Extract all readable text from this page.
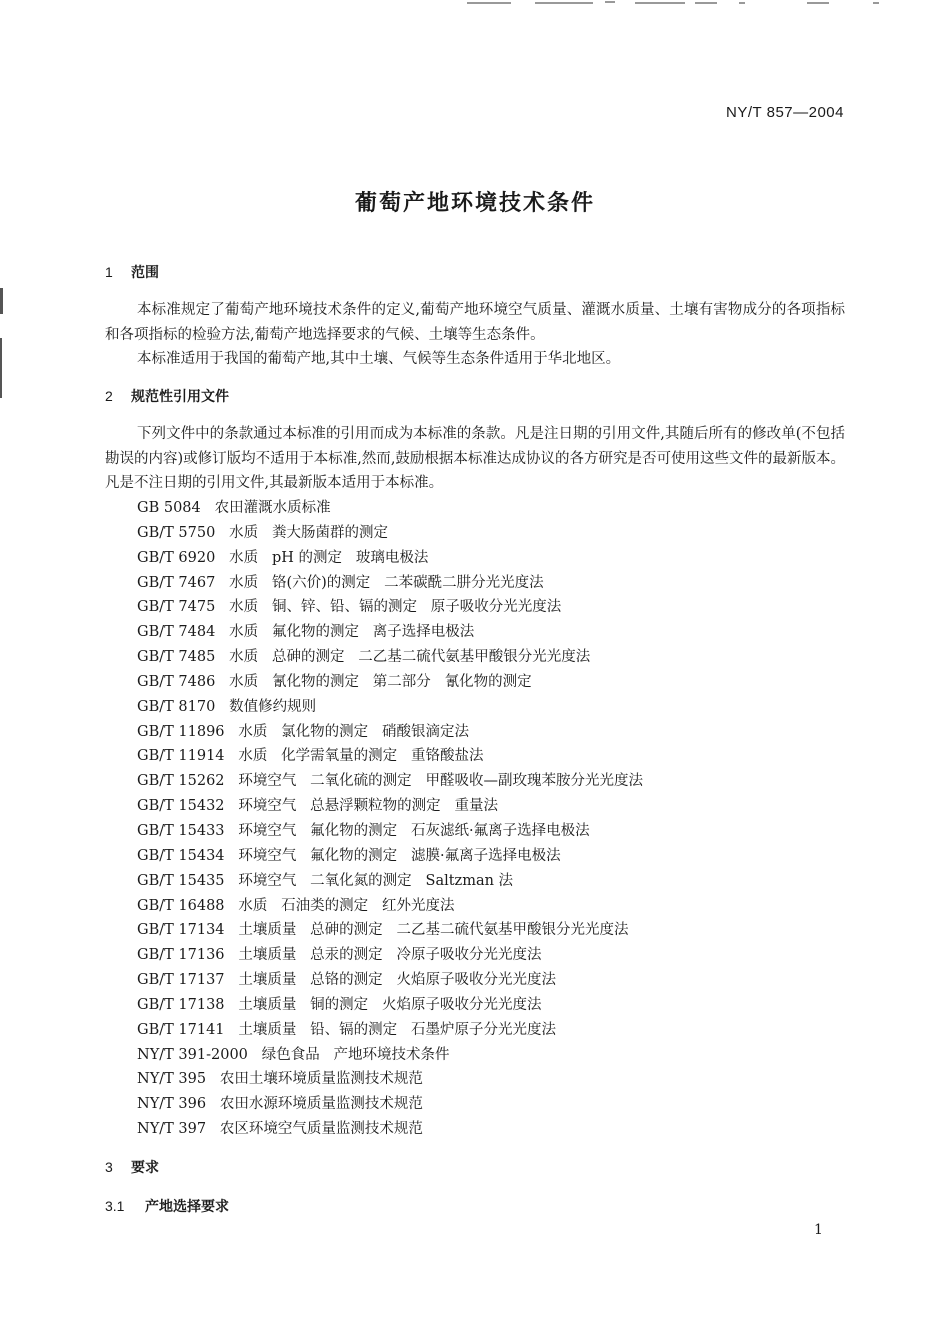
NY/T 857—2004
葡萄产地环境技术条件
1 范围
本标准规定了葡萄产地环境技术条件的定义,葡萄产地环境空气质量、灌溉水质量、土壤有害物成分的各项指标和各项指标的检验方法,葡萄产地选择要求的气候、土壤等生态条件。
本标准适用于我国的葡萄产地,其中土壤、气候等生态条件适用于华北地区。
2 规范性引用文件
下列文件中的条款通过本标准的引用而成为本标准的条款。凡是注日期的引用文件,其随后所有的修改单(不包括勘误的内容)或修订版均不适用于本标准,然而,鼓励根据本标准达成协议的各方研究是否可使用这些文件的最新版本。凡是不注日期的引用文件,其最新版本适用于本标准。
GB 5084   农田灌溉水质标准
GB/T 5750   水质   粪大肠菌群的测定
GB/T 6920   水质   pH 的测定   玻璃电极法
GB/T 7467   水质   铬(六价)的测定   二苯碳酰二肼分光光度法
GB/T 7475   水质   铜、锌、铅、镉的测定   原子吸收分光光度法
GB/T 7484   水质   氟化物的测定   离子选择电极法
GB/T 7485   水质   总砷的测定   二乙基二硫代氨基甲酸银分光光度法
GB/T 7486   水质   氰化物的测定   第二部分   氰化物的测定
GB/T 8170   数值修约规则
GB/T 11896   水质   氯化物的测定   硝酸银滴定法
GB/T 11914   水质   化学需氧量的测定   重铬酸盐法
GB/T 15262   环境空气   二氧化硫的测定   甲醛吸收—副玫瑰苯胺分光光度法
GB/T 15432   环境空气   总悬浮颗粒物的测定   重量法
GB/T 15433   环境空气   氟化物的测定   石灰滤纸·氟离子选择电极法
GB/T 15434   环境空气   氟化物的测定   滤膜·氟离子选择电极法
GB/T 15435   环境空气   二氧化氮的测定   Saltzman 法
GB/T 16488   水质   石油类的测定   红外光度法
GB/T 17134   土壤质量   总砷的测定   二乙基二硫代氨基甲酸银分光光度法
GB/T 17136   土壤质量   总汞的测定   冷原子吸收分光光度法
GB/T 17137   土壤质量   总铬的测定   火焰原子吸收分光光度法
GB/T 17138   土壤质量   铜的测定   火焰原子吸收分光光度法
GB/T 17141   土壤质量   铅、镉的测定   石墨炉原子分光光度法
NY/T 391-2000   绿色食品   产地环境技术条件
NY/T 395   农田土壤环境质量监测技术规范
NY/T 396   农田水源环境质量监测技术规范
NY/T 397   农区环境空气质量监测技术规范
3 要求
3.1 产地选择要求
1
